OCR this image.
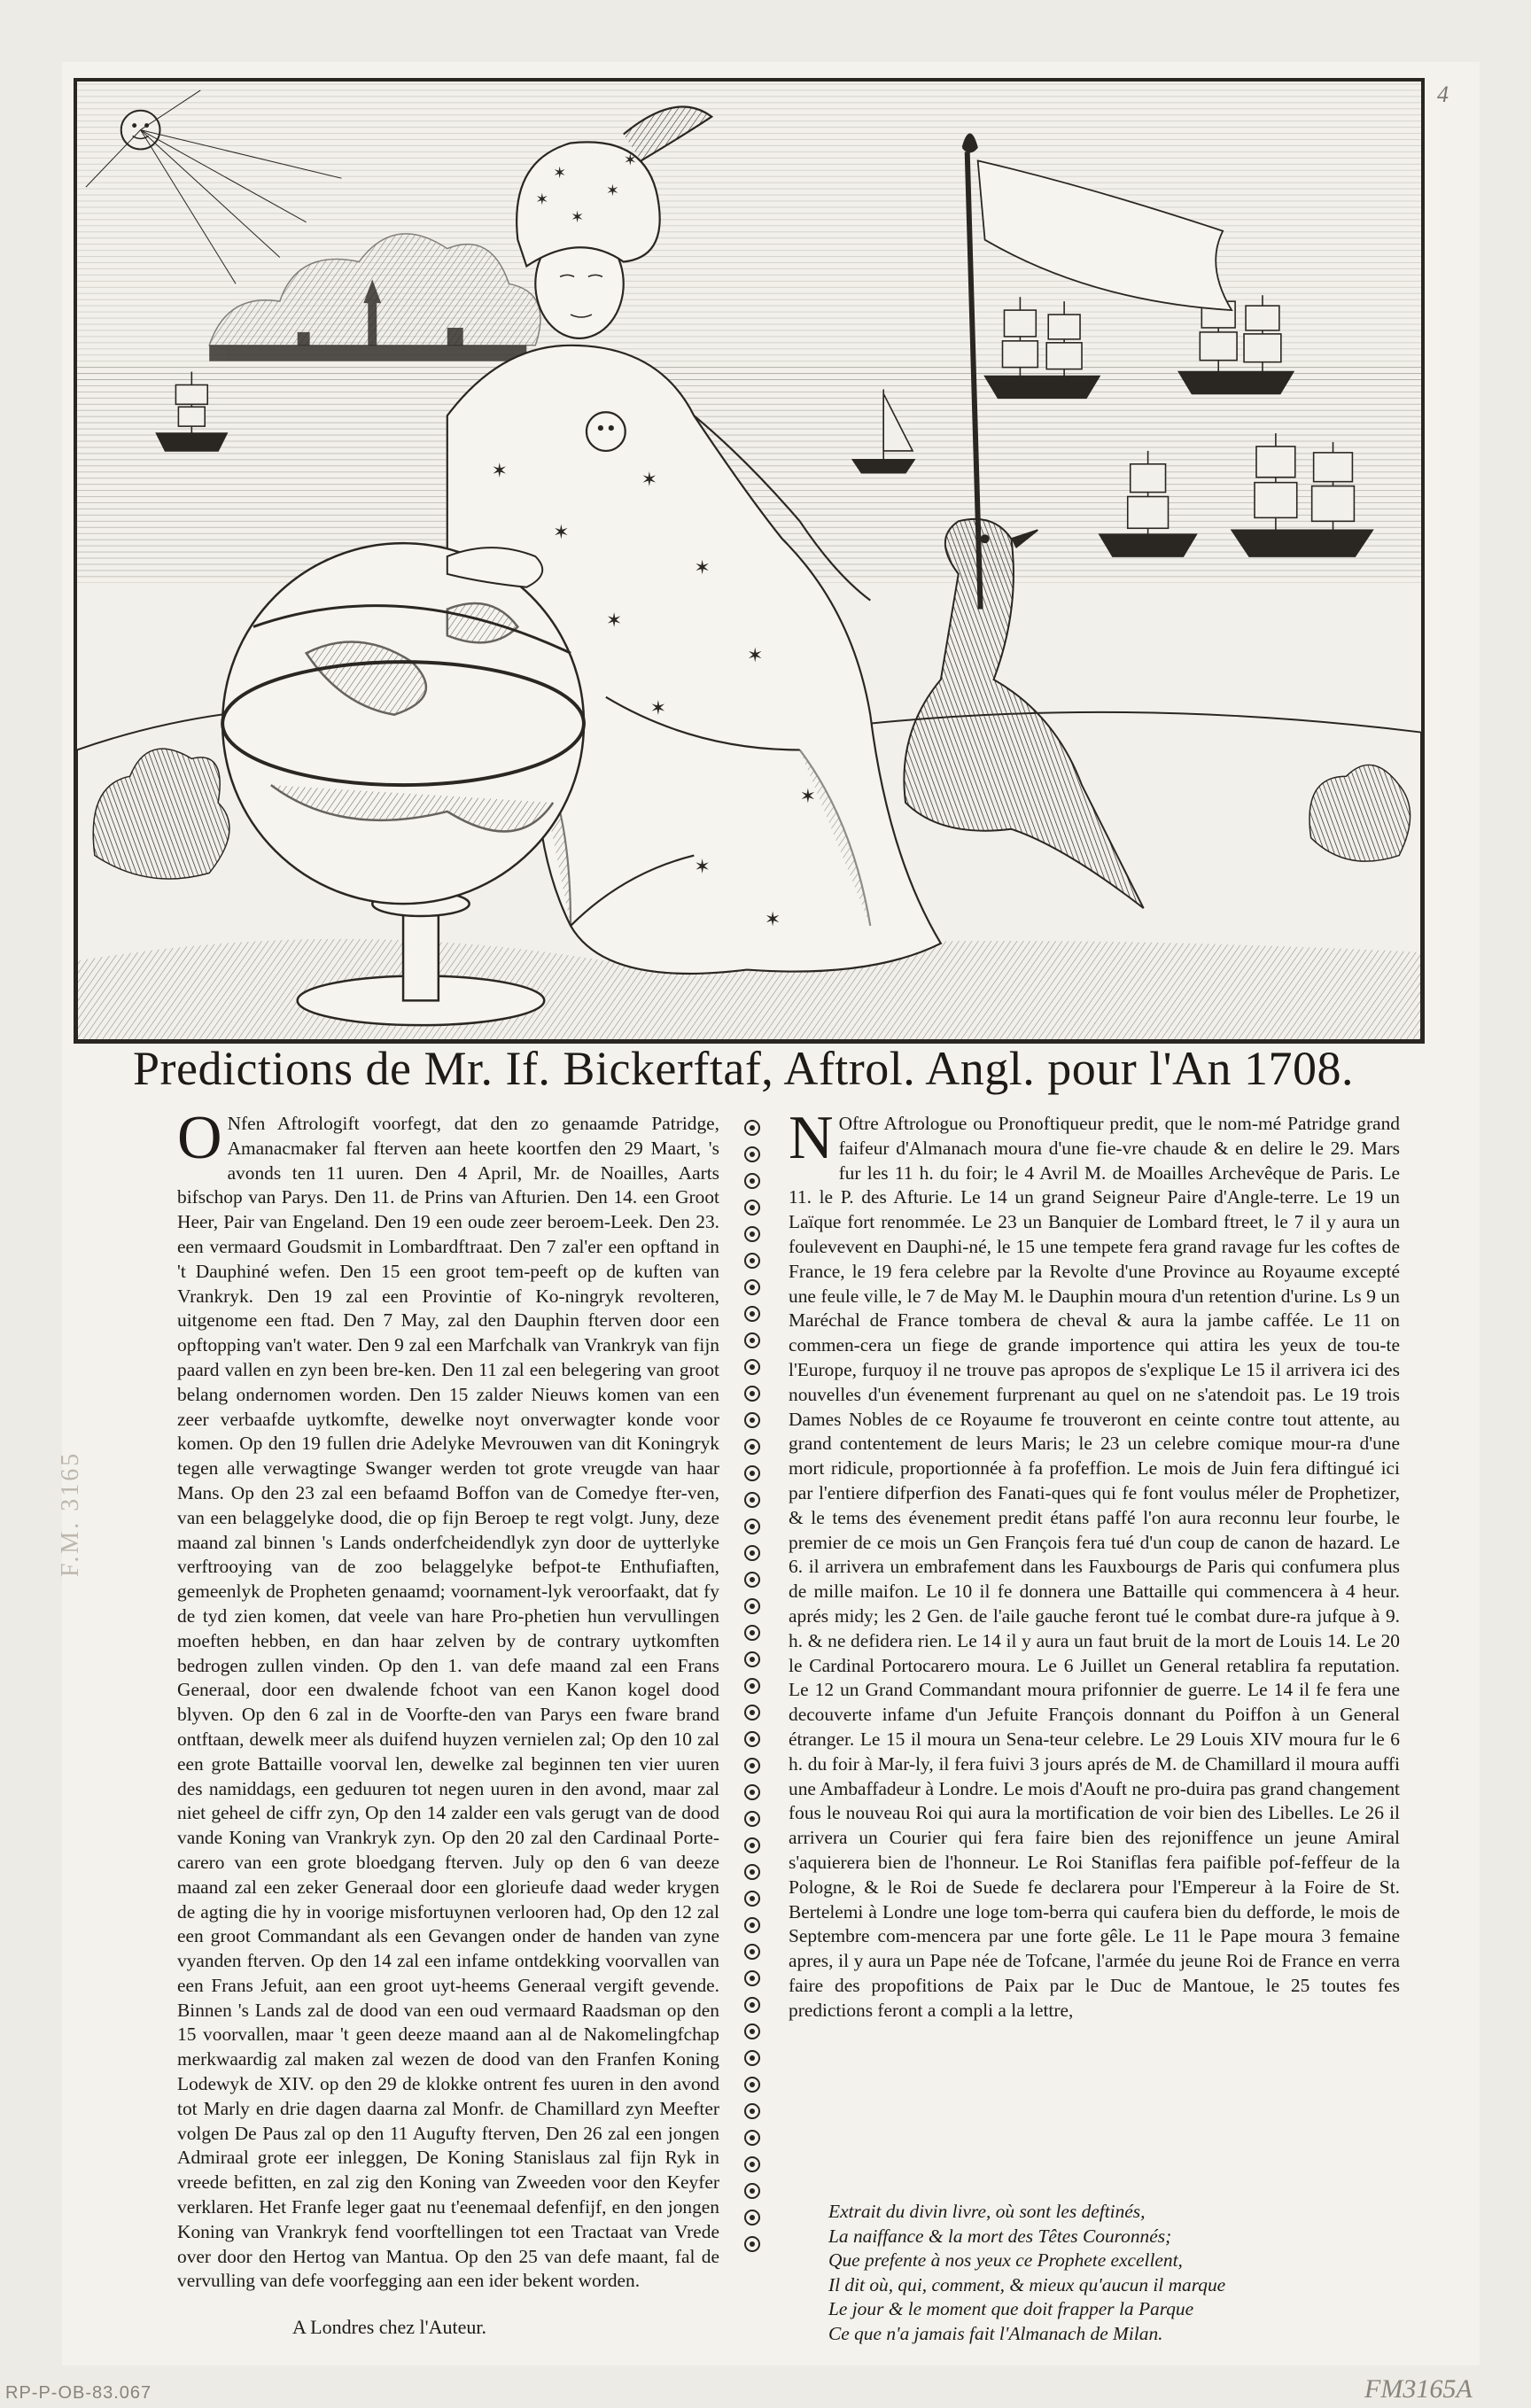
✶	✶
✶
✶
✶
✶
✶
✶
✶
✶
✶
✶
✶
✶
✶
4
Predictions de Mr. If. Bickerftaf, Aftrol. Angl. pour l'An 1708.

O Nfen Aftrologift voorfegt, dat den zo genaamde Patridge, Amanacmaker fal fterven aan heete koortfen den 29 Maart, 's avonds ten 11 uuren. Den 4 April, Mr. de Noailles, Aarts bifschop van Parys. Den 11. de Prins van Afturien. Den 14. een Groot Heer, Pair van Engeland. Den 19 een oude zeer beroem-Leek. Den 23. een vermaard Goudsmit in Lombardftraat. Den 7 zal'er een opftand in 't Dauphiné wefen. Den 15 een groot tem-peeft op de kuften van Vrankryk. Den 19 zal een Provintie of Ko-ningryk revolteren, uitgenome een ftad. Den 7 May, zal den Dauphin fterven door een opftopping van't water. Den 9 zal een Marfchalk van Vrankryk van fijn paard vallen en zyn been bre-ken. Den 11 zal een belegering van groot belang ondernomen worden. Den 15 zalder Nieuws komen van een zeer verbaafde uytkomfte, dewelke noyt onverwagter konde voor komen. Op den 19 fullen drie Adelyke Mevrouwen van dit Koningryk tegen alle verwagtinge Swanger werden tot grote vreugde van haar Mans. Op den 23 zal een befaamd Boffon van de Comedye fter-ven, van een belaggelyke dood, die op fijn Beroep te regt volgt. Juny, deze maand zal binnen 's Lands onderfcheidendlyk zyn door de uytterlyke verftrooying van de zoo belaggelyke befpot-te Enthufiaften, gemeenlyk de Propheten genaamd; voornament-lyk veroorfaakt, dat fy de tyd zien komen, dat veele van hare Pro-phetien hun vervullingen moeften hebben, en dan haar zelven by de contrary uytkomften bedrogen zullen vinden. Op den 1. van defe maand zal een Frans Generaal, door een dwalende fchoot van een Kanon kogel dood blyven. Op den 6 zal in de Voorfte-den van Parys een fware brand ontftaan, dewelk meer als duifend huyzen vernielen zal; Op den 10 zal een grote Battaille voorval len, dewelke zal beginnen ten vier uuren des namiddags, een geduuren tot negen uuren in den avond, maar zal niet geheel de ciffr zyn, Op den 14 zalder een vals gerugt van de dood vande Koning van Vrankryk zyn. Op den 20 zal den Cardinaal Porte-carero van een grote bloedgang fterven. July op den 6 van deeze maand zal een zeker Generaal door een glorieufe daad weder krygen de agting die hy in voorige misfortuynen verlooren had, Op den 12 zal een groot Commandant als een Gevangen onder de handen van zyne vyanden fterven. Op den 14 zal een infame ontdekking voorvallen van een Frans Jefuit, aan een groot uyt-heems Generaal vergift gevende. Binnen 's Lands zal de dood van een oud vermaard Raadsman op den 15 voorvallen, maar 't geen deeze maand aan al de Nakomelingfchap merkwaardig zal maken zal wezen de dood van den Franfen Koning Lodewyk de XIV. op den 29 de klokke ontrent fes uuren in den avond tot Marly en drie dagen daarna zal Monfr. de Chamillard zyn Meefter volgen De Paus zal op den 11 Augufty fterven, Den 26 zal een jongen Admiraal grote eer inleggen, De Koning Stanislaus zal fijn Ryk in vreede befitten, en zal zig den Koning van Zweeden voor den Keyfer verklaren. Het Franfe leger gaat nu t'eenemaal defenfijf, en den jongen Koning van Vrankryk fend voorftellingen tot een Tractaat van Vrede over door den Hertog van Mantua. Op den 25 van defe maant, fal de vervulling van defe voorfegging aan een ider bekent worden.

N Oftre Aftrologue ou Pronoftiqueur predit, que le nom-mé Patridge grand faifeur d'Almanach moura d'une fie-vre chaude & en delire le 29. Mars fur les 11 h. du foir; le 4 Avril M. de Moailles Archevêque de Paris. Le 11. le P. des Afturie. Le 14 un grand Seigneur Paire d'Angle-terre. Le 19 un Laïque fort renommée. Le 23 un Banquier de Lombard ftreet, le 7 il y aura un foulevevent en Dauphi-né, le 15 une tempete fera grand ravage fur les coftes de France, le 19 fera celebre par la Revolte d'une Province au Royaume excepté une feule ville, le 7 de May M. le Dauphin moura d'un retention d'urine. Ls 9 un Maréchal de France tombera de cheval & aura la jambe caffée. Le 11 on commen-cera un fiege de grande importence qui attira les yeux de tou-te l'Europe, furquoy il ne trouve pas apropos de s'explique Le 15 il arrivera ici des nouvelles d'un évenement furprenant au quel on ne s'atendoit pas. Le 19 trois Dames Nobles de ce Royaume fe trouveront en ceinte contre tout attente, au grand contentement de leurs Maris; le 23 un celebre comique mour-ra d'une mort ridicule, proportionnée à fa profeffion. Le mois de Juin fera diftingué ici par l'entiere difperfion des Fanati-ques qui fe font voulus méler de Prophetizer, & le tems des évenement predit étans paffé l'on aura reconnu leur fourbe, le premier de ce mois un Gen François fera tué d'un coup de canon de hazard. Le 6. il arrivera un embrafement dans les Fauxbourgs de Paris qui confumera plus de mille maifon. Le 10 il fe donnera une Battaille qui commencera à 4 heur. aprés midy; les 2 Gen. de l'aile gauche feront tué le combat dure-ra jufque à 9. h. & ne defidera rien. Le 14 il y aura un faut bruit de la mort de Louis 14. Le 20 le Cardinal Portocarero moura. Le 6 Juillet un General retablira fa reputation. Le 12 un Grand Commandant moura prifonnier de guerre. Le 14 il fe fera une decouverte infame d'un Jefuite François donnant du Poiffon à un General étranger. Le 15 il moura un Sena-teur celebre. Le 29 Louis XIV moura fur le 6 h. du foir à Mar-ly, il fera fuivi 3 jours aprés de M. de Chamillard il moura auffi une Ambaffadeur à Londre. Le mois d'Aouft ne pro-duira pas grand changement fous le nouveau Roi qui aura la mortification de voir bien des Libelles. Le 26 il arrivera un Courier qui fera faire bien des rejoniffence un jeune Amiral s'aquierera bien de l'honneur. Le Roi Staniflas fera paifible pof-feffeur de la Pologne, & le Roi de Suede fe declarera pour l'Empereur à la Foire de St. Bertelemi à Londre une loge tom-berra qui caufera bien du defforde, le mois de Septembre com-mencera par une forte gêle. Le 11 le Pape moura 3 femaine apres, il y aura un Pape née de Tofcane, l'armée du jeune Roi de France en verra faire des propofitions de Paix par le Duc de Mantoue, le 25 toutes fes predictions feront a compli a la lettre,

Extrait du divin livre, où sont les deftinés,
La naiffance & la mort des Têtes Couronnés;
Que prefente à nos yeux ce Prophete excellent,
Il dit où, qui, comment, & mieux qu'aucun il marque
Le jour & le moment que doit frapper la Parque
Ce que n'a jamais fait l'Almanach de Milan.
A Londres chez l'Auteur.
RP-P-OB-83.067	FM3165A
F.M. 3165
